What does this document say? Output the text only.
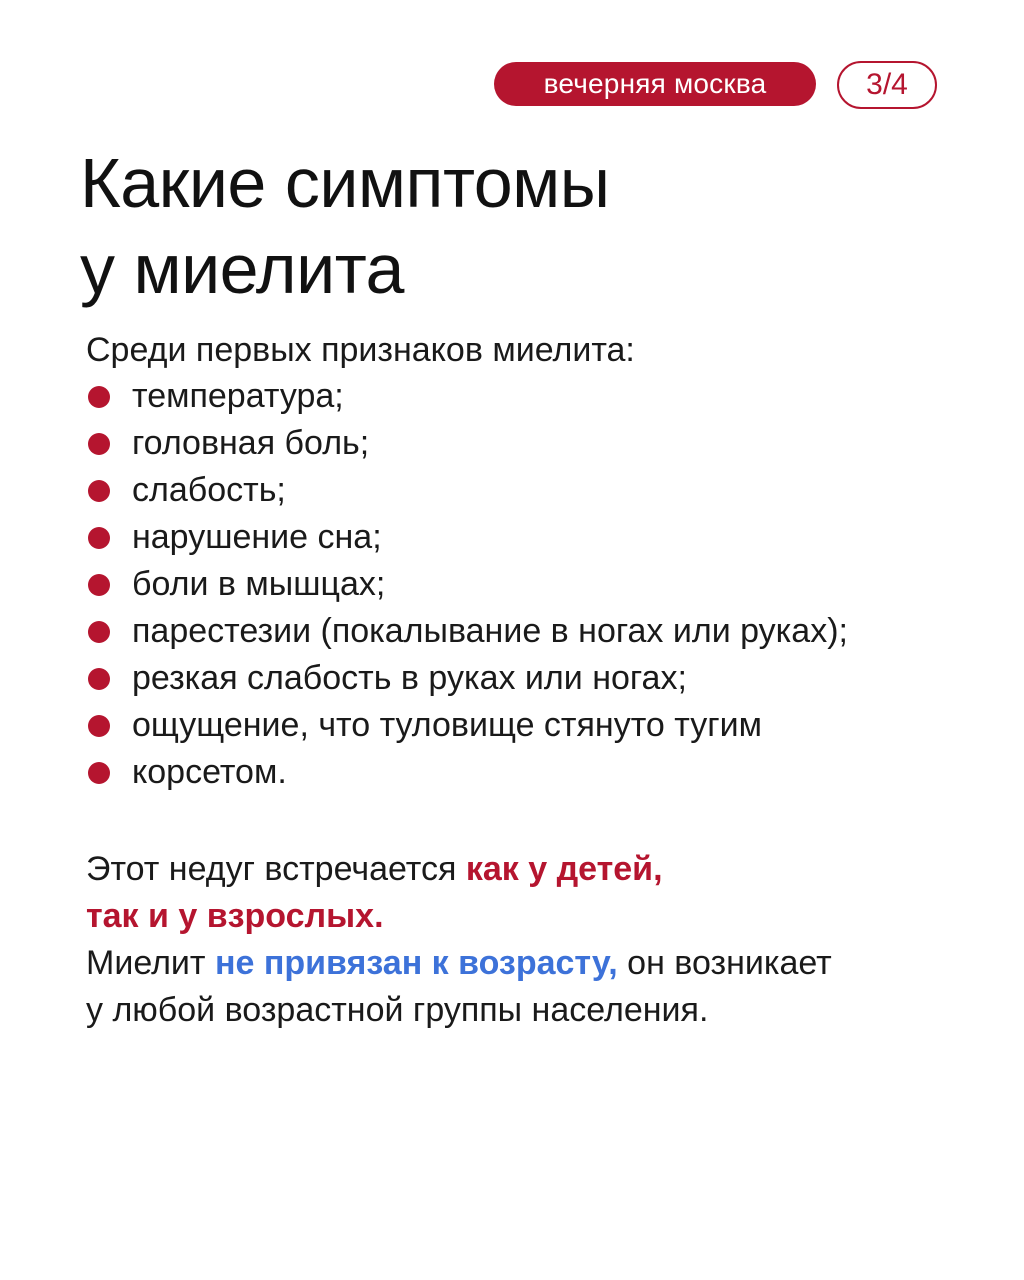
вечерняя москва	3/4
Какие симптомы
у миелита

Среди первых признаков миелита:

температура;
головная боль;
слабость;
нарушение сна;
боли в мышцах;
парестезии (покалывание в ногах или руках);
резкая слабость в руках или ногах;
ощущение, что туловище стянуто тугим
корсетом.
Этот недуг встречается как у детей,
так и у взрослых.
Миелит не привязан к возрасту, он возникает
у любой возрастной группы населения.
